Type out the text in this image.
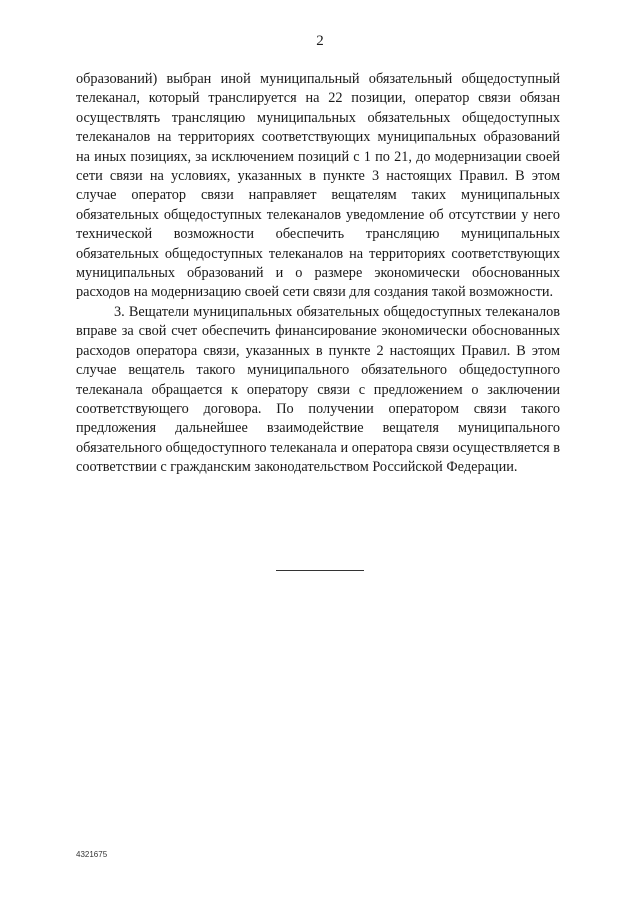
2

образований) выбран иной муниципальный обязательный общедоступный телеканал, который транслируется на 22 позиции, оператор связи обязан осуществлять трансляцию муниципальных обязательных общедоступных телеканалов на территориях соответствующих муниципальных образований на иных позициях, за исключением позиций с 1 по 21, до модернизации своей сети связи на условиях, указанных в пункте 3 настоящих Правил. В этом случае оператор связи направляет вещателям таких муниципальных обязательных общедоступных телеканалов уведомление об отсутствии у него технической возможности обеспечить трансляцию муниципальных обязательных общедоступных телеканалов на территориях соответствующих муниципальных образований и о размере экономически обоснованных расходов на модернизацию своей сети связи для создания такой возможности.

3. Вещатели муниципальных обязательных общедоступных телеканалов вправе за свой счет обеспечить финансирование экономически обоснованных расходов оператора связи, указанных в пункте 2 настоящих Правил. В этом случае вещатель такого муниципального обязательного общедоступного телеканала обращается к оператору связи с предложением о заключении соответствующего договора. По получении оператором связи такого предложения дальнейшее взаимодействие вещателя муниципального обязательного общедоступного телеканала и оператора связи осуществляется в соответствии с гражданским законодательством Российской Федерации.

4321675
